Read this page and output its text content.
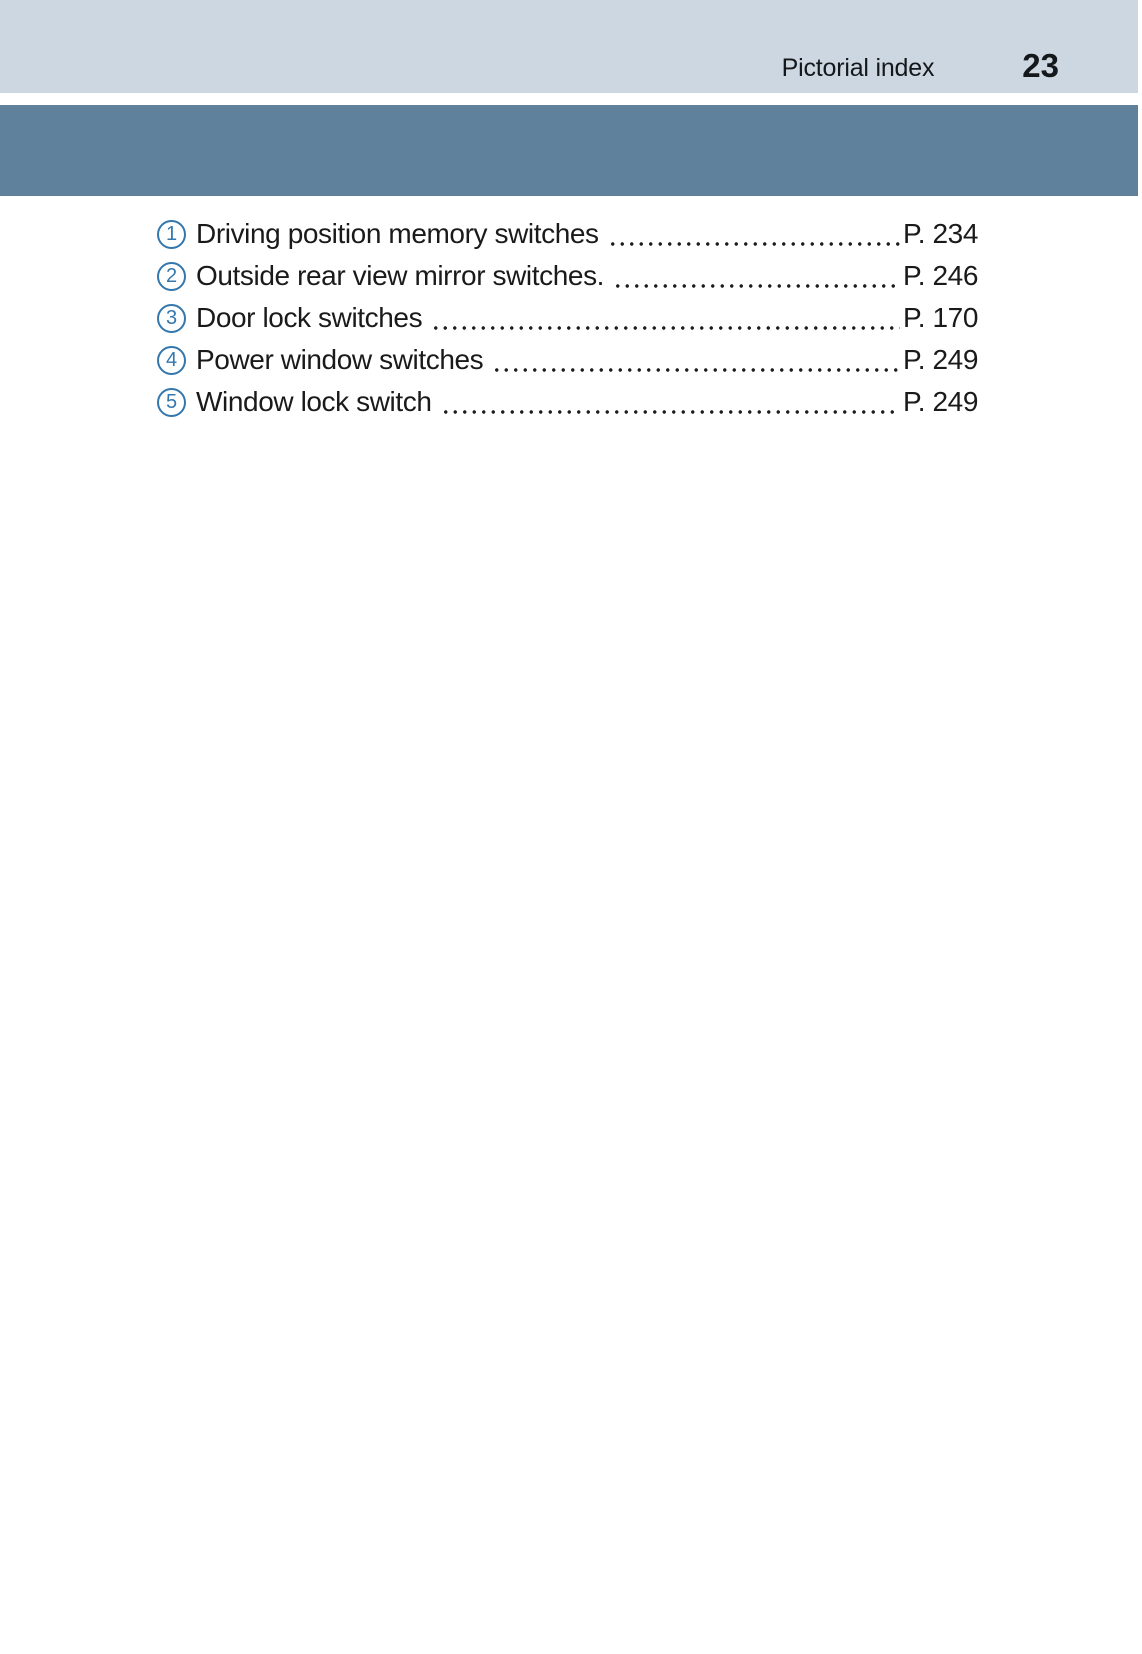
Pictorial index	23
1 Driving position memory switches	P. 234
2 Outside rear view mirror switches.	P. 246
3 Door lock switches	P. 170
4 Power window switches	P. 249
5 Window lock switch	P. 249
